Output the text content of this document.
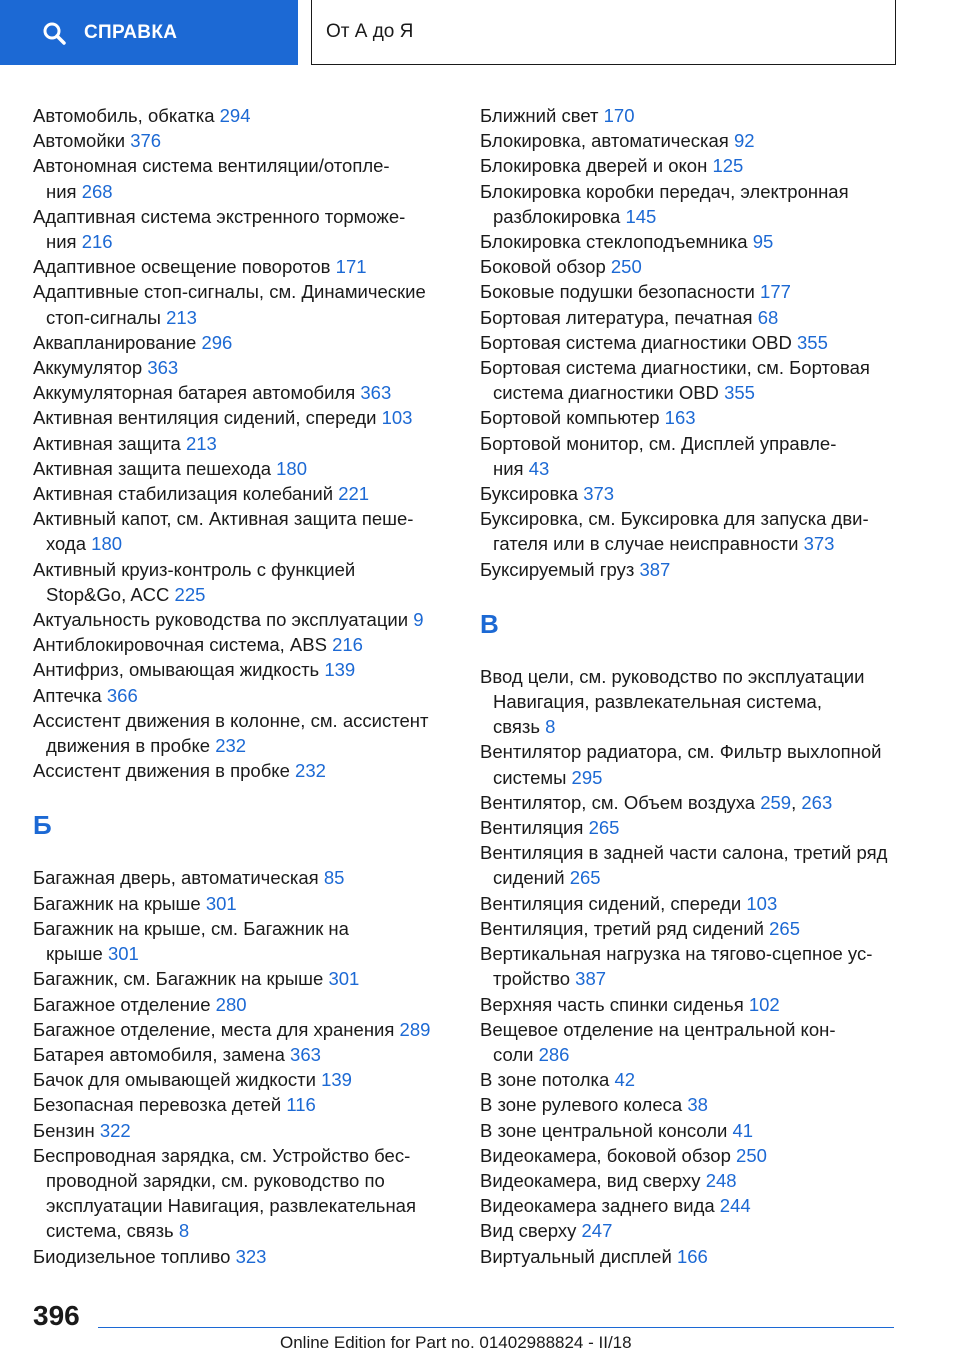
СПРАВКА	От А до Я
Автомобиль, обкатка 294
Автомойки 376
Автономная система вентиляции/отопле-
ния 268
Адаптивная система экстренного торможе-
ния 216
Адаптивное освещение поворотов 171
Адаптивные стоп-сигналы, см. Динамические
стоп-сигналы 213
Аквапланирование 296
Аккумулятор 363
Аккумуляторная батарея автомобиля 363
Активная вентиляция сидений, спереди 103
Активная защита 213
Активная защита пешехода 180
Активная стабилизация колебаний 221
Активный капот, см. Активная защита пеше-
хода 180
Активный круиз-контроль с функцией
Stop&Go, ACC 225
Актуальность руководства по эксплуатации 9
Антиблокировочная система, ABS 216
Антифриз, омывающая жидкость 139
Аптечка 366
Ассистент движения в колонне, см. ассистент
движения в пробке 232
Ассистент движения в пробке 232
Б
Багажная дверь, автоматическая 85
Багажник на крыше 301
Багажник на крыше, см. Багажник на
крыше 301
Багажник, см. Багажник на крыше 301
Багажное отделение 280
Багажное отделение, места для хранения 289
Батарея автомобиля, замена 363
Бачок для омывающей жидкости 139
Безопасная перевозка детей 116
Бензин 322
Беспроводная зарядка, см. Устройство бес-
проводной зарядки, см. руководство по
эксплуатации Навигация, развлекательная
система, связь 8
Биодизельное топливо 323
Ближний свет 170
Блокировка, автоматическая 92
Блокировка дверей и окон 125
Блокировка коробки передач, электронная
разблокировка 145
Блокировка стеклоподъемника 95
Боковой обзор 250
Боковые подушки безопасности 177
Бортовая литература, печатная 68
Бортовая система диагностики OBD 355
Бортовая система диагностики, см. Бортовая
система диагностики OBD 355
Бортовой компьютер 163
Бортовой монитор, см. Дисплей управле-
ния 43
Буксировка 373
Буксировка, см. Буксировка для запуска дви-
гателя или в случае неисправности 373
Буксируемый груз 387
В
Ввод цели, см. руководство по эксплуатации
Навигация, развлекательная система,
связь 8
Вентилятор радиатора, см. Фильтр выхлопной
системы 295
Вентилятор, см. Объем воздуха 259, 263
Вентиляция 265
Вентиляция в задней части салона, третий ряд
сидений 265
Вентиляция сидений, спереди 103
Вентиляция, третий ряд сидений 265
Вертикальная нагрузка на тягово-сцепное ус-
тройство 387
Верхняя часть спинки сиденья 102
Вещевое отделение на центральной кон-
соли 286
В зоне потолка 42
В зоне рулевого колеса 38
В зоне центральной консоли 41
Видеокамера, боковой обзор 250
Видеокамера, вид сверху 248
Видеокамера заднего вида 244
Вид сверху 247
Виртуальный дисплей 166
396
Online Edition for Part no. 01402988824 - II/18
